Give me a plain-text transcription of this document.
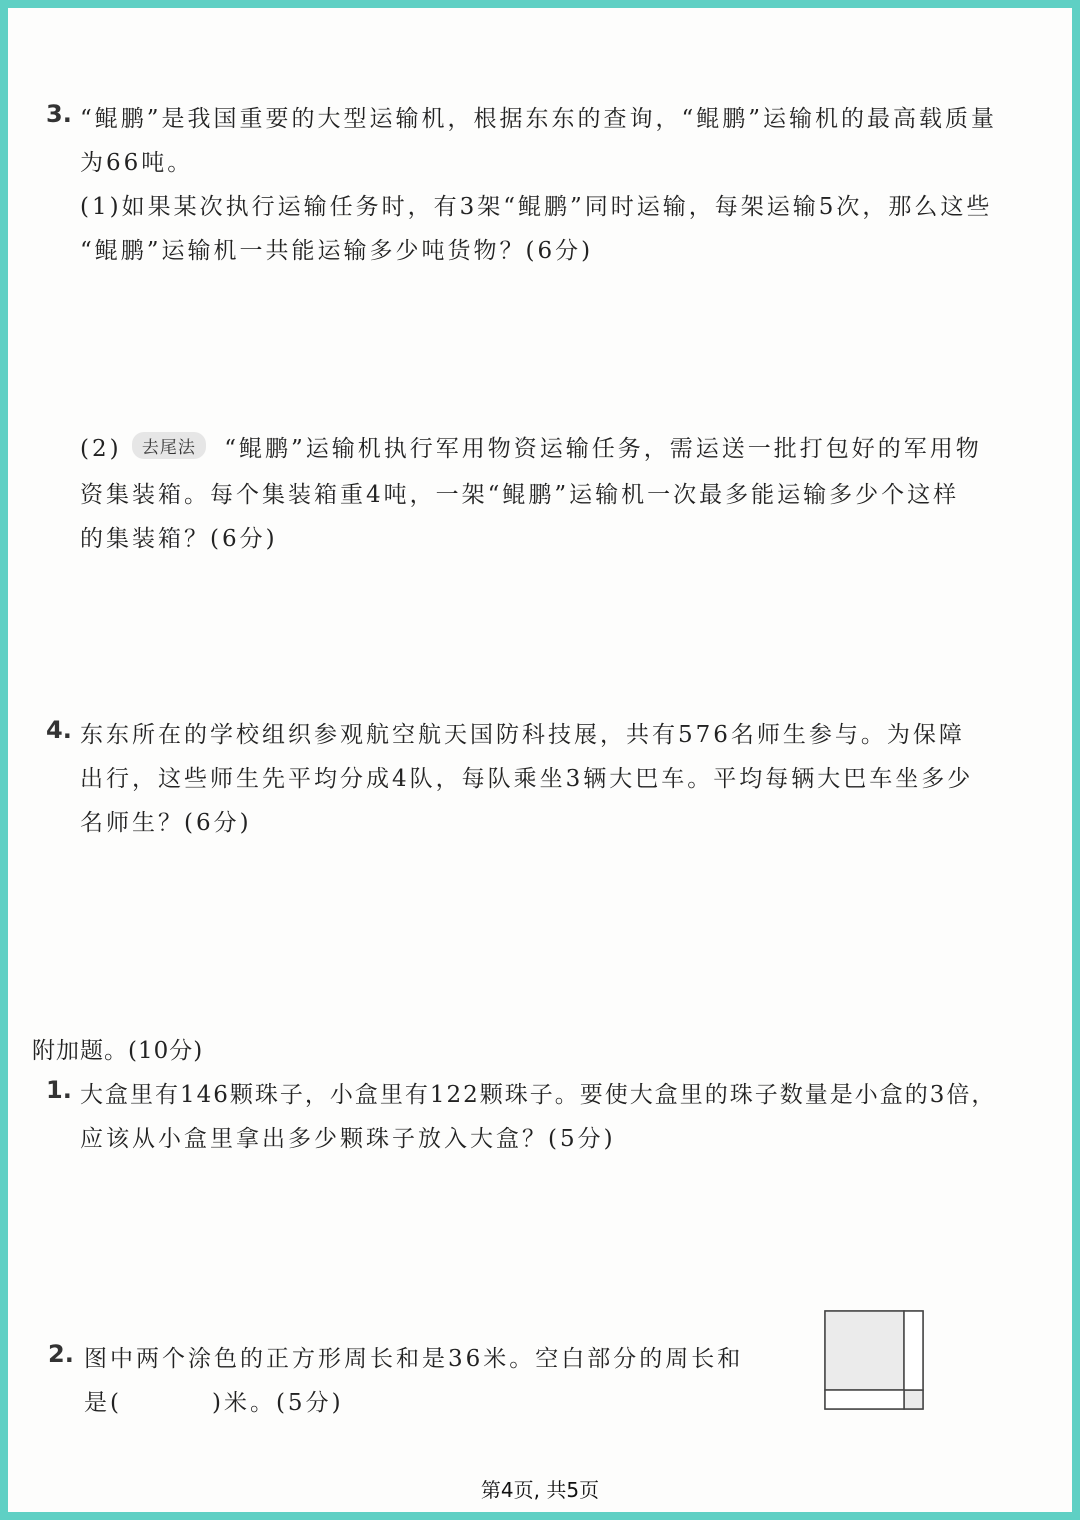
3. “鲲鹏”是我国重要的大型运输机，根据东东的查询，“鲲鹏”运输机的最高载质量
为66吨。
(1)如果某次执行运输任务时，有3架“鲲鹏”同时运输，每架运输5次，那么这些
“鲲鹏”运输机一共能运输多少吨货物？(6分)
(2) 去尾法 “鲲鹏”运输机执行军用物资运输任务，需运送一批打包好的军用物
资集装箱。每个集装箱重4吨，一架“鲲鹏”运输机一次最多能运输多少个这样
的集装箱？(6分)
4. 东东所在的学校组织参观航空航天国防科技展，共有576名师生参与。为保障
出行，这些师生先平均分成4队，每队乘坐3辆大巴车。平均每辆大巴车坐多少
名师生？(6分)
附加题。(10分)
1. 大盒里有146颗珠子，小盒里有122颗珠子。要使大盒里的珠子数量是小盒的3倍，
应该从小盒里拿出多少颗珠子放入大盒？(5分)
2. 图中两个涂色的正方形周长和是36米。空白部分的周长和
是(	)米。(5分)
第4页, 共5页
